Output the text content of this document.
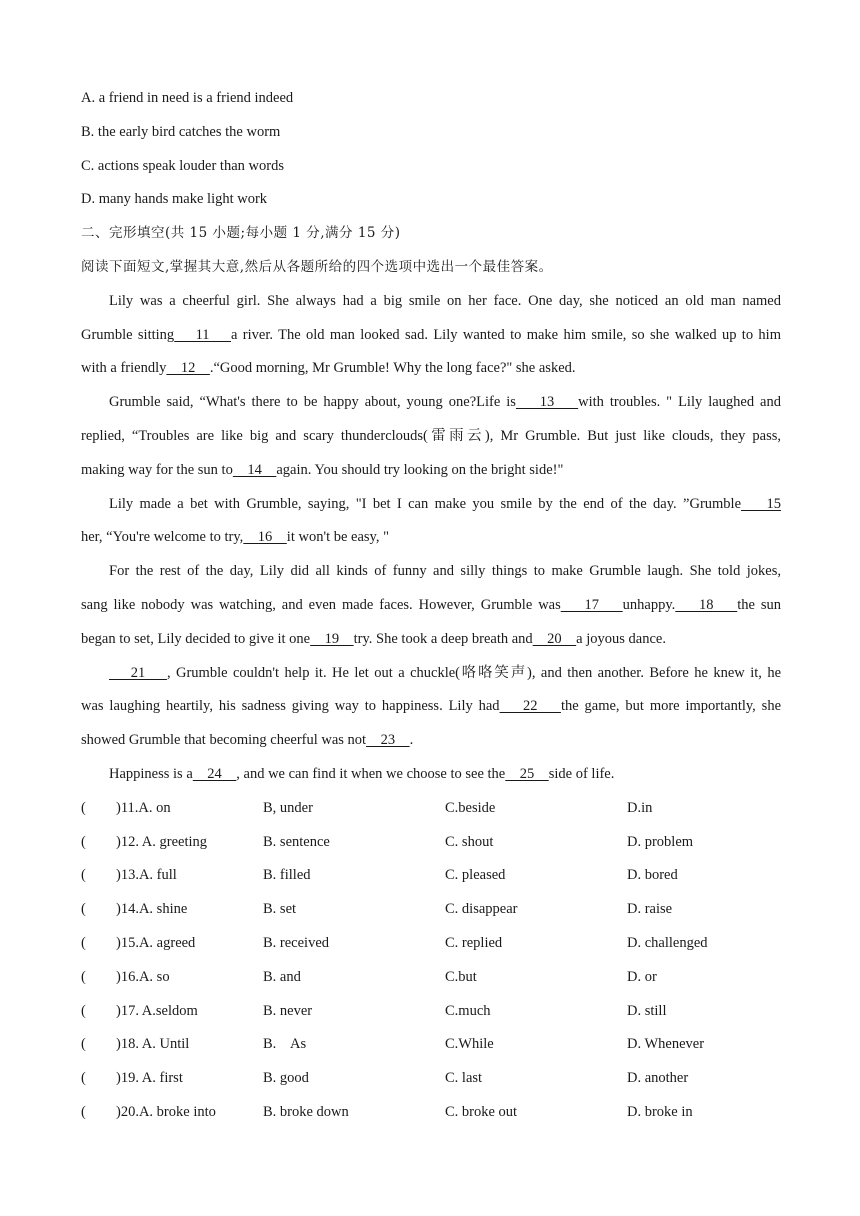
A. a friend in need is a friend indeed
B. the early bird catches the worm
C. actions speak louder than words
D. many hands make light work
二、完形填空(共 15 小题;每小题 1 分,满分 15 分)
阅读下面短文,掌握其大意,然后从各题所给的四个选项中选出一个最佳答案。
Lily was a cheerful girl. She always had a big smile on her face. One day, she noticed an old man named
Grumble sitting    11    a river. The old man looked sad. Lily wanted to make him smile, so she walked up to him
with a friendly    12    .“Good morning, Mr Grumble! Why the long face?" she asked.
Grumble said, “What's there to be happy about, young one?Life is    13    with troubles. " Lily laughed and
replied, “Troubles are like big and scary thunderclouds(雷雨云), Mr Grumble. But just like clouds, they pass,
making way for the sun to    14    again. You should try looking on the bright side!"
Lily made a bet with Grumble, saying, "I bet I can make you smile by the end of the day. ”Grumble    15
her, “You're welcome to try,    16    it won't be easy, "
For the rest of the day, Lily did all kinds of funny and silly things to make Grumble laugh. She told jokes,
sang like nobody was watching, and even made faces. However, Grumble was    17    unhappy.    18    the sun
began to set, Lily decided to give it one    19    try. She took a deep breath and    20    a joyous dance.
21    , Grumble couldn't help it. He let out a chuckle(咯咯笑声), and then another. Before he knew it, he
was laughing heartily, his sadness giving way to happiness. Lily had    22    the game, but more importantly, she
showed Grumble that becoming cheerful was not    23    .
Happiness is a    24    , and we can find it when we choose to see the    25    side of life.
( )11.A. on	B, under	C.beside	D.in
( )12. A. greeting	B. sentence	C. shout	D. problem
( )13.A. full	B. filled	C. pleased	D. bored
( )14.A. shine	B. set	C. disappear	D. raise
( )15.A. agreed	B. received	C. replied	D. challenged
( )16.A. so	B. and	C.but	D. or
( )17. A.seldom	B. never	C.much	D. still
( )18. A. Until	B.    As	C.While	D. Whenever
( )19. A. first	B. good	C. last	D. another
( )20.A. broke into	B. broke down	C. broke out	D. broke in
